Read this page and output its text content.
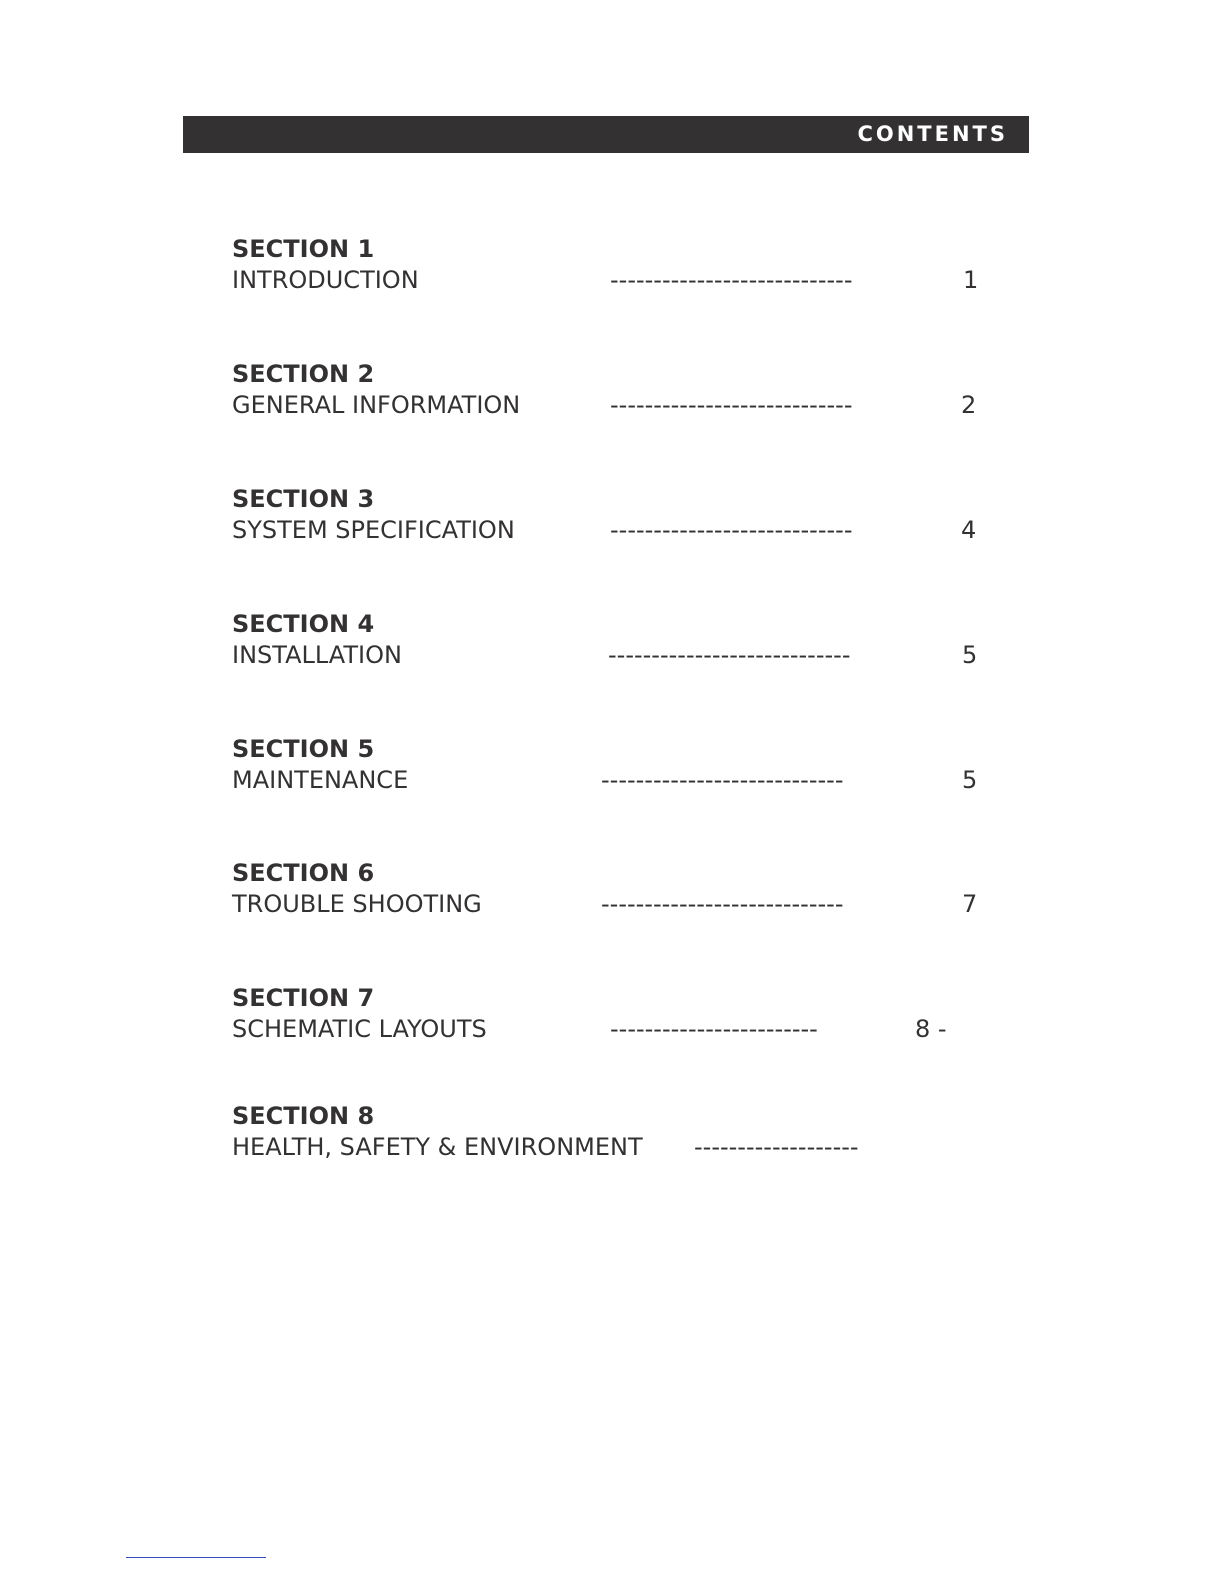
CONTENTS
SECTION 1
INTRODUCTION	----------------------------	1
SECTION 2
GENERAL INFORMATION	----------------------------	2
SECTION 3
SYSTEM SPECIFICATION	----------------------------	4
SECTION 4
INSTALLATION	----------------------------	5
SECTION 5
MAINTENANCE	----------------------------	5
SECTION 6
TROUBLE SHOOTING	----------------------------	7
SECTION 7
SCHEMATIC LAYOUTS	------------------------	8 -
SECTION 8
HEALTH, SAFETY & ENVIRONMENT -------------------
